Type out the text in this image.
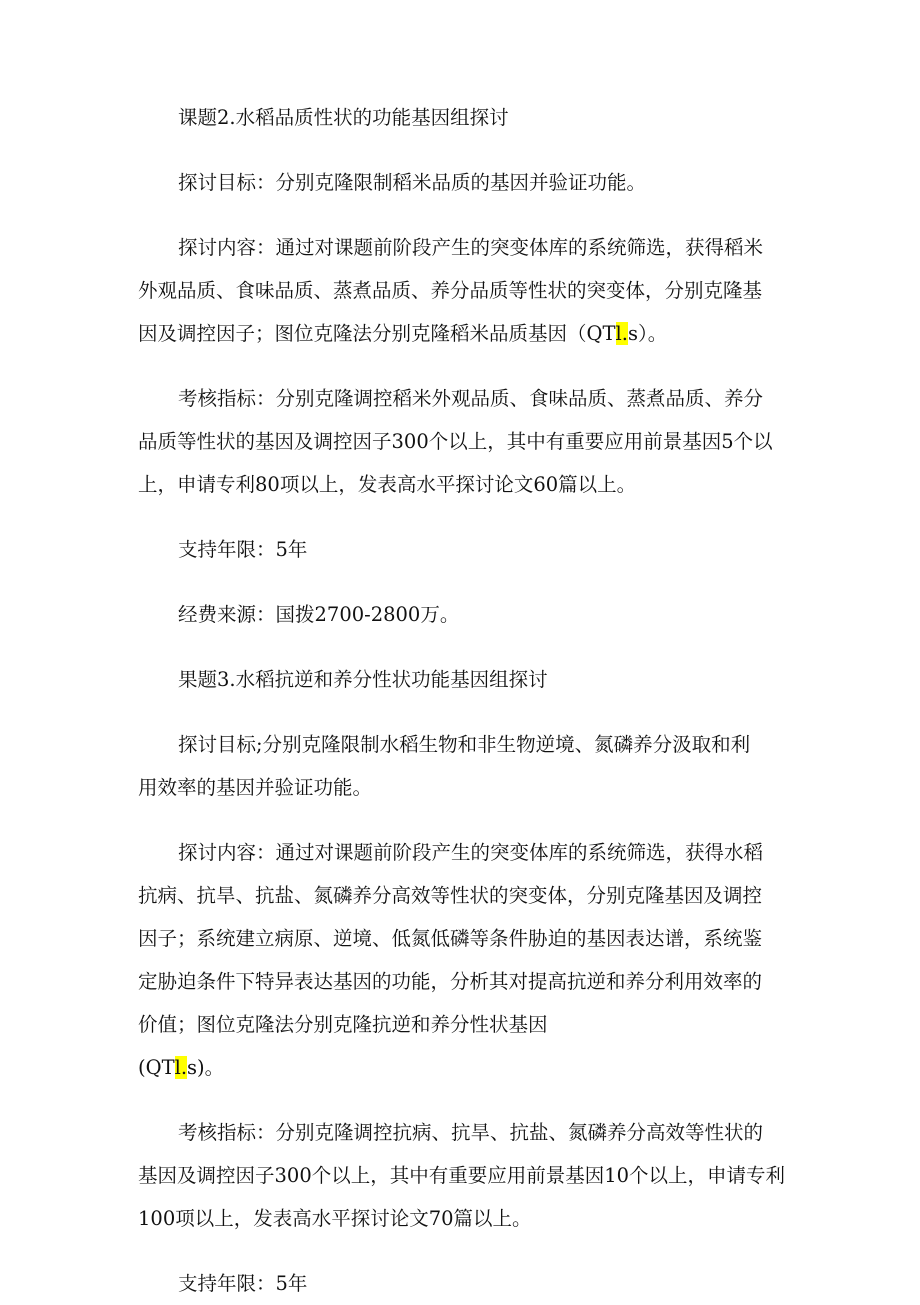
课题2.水稻品质性状的功能基因组探讨

探讨目标：分别克隆限制稻米品质的基因并验证功能。

探讨内容：通过对课题前阶段产生的突变体库的系统筛选，获得稻米

外观品质、食味品质、蒸煮品质、养分品质等性状的突变体，分别克隆基

因及调控因子；图位克隆法分别克隆稻米品质基因（QTl.s）。

考核指标：分别克隆调控稻米外观品质、食味品质、蒸煮品质、养分

品质等性状的基因及调控因子300个以上，其中有重要应用前景基因5个以

上，申请专利80项以上，发表高水平探讨论文60篇以上。

支持年限：5年

经费来源：国拨2700-2800万。

果题3.水稻抗逆和养分性状功能基因组探讨

探讨目标;分别克隆限制水稻生物和非生物逆境、氮磷养分汲取和利

用效率的基因并验证功能。

探讨内容：通过对课题前阶段产生的突变体库的系统筛选，获得水稻

抗病、抗旱、抗盐、氮磷养分高效等性状的突变体，分别克隆基因及调控

因子；系统建立病原、逆境、低氮低磷等条件胁迫的基因表达谱，系统鉴

定胁迫条件下特异表达基因的功能，分析其对提高抗逆和养分利用效率的

价值；图位克隆法分别克隆抗逆和养分性状基因

(QTl.s)。

考核指标：分别克隆调控抗病、抗旱、抗盐、氮磷养分高效等性状的

基因及调控因子300个以上，其中有重要应用前景基因10个以上，申请专利

100项以上，发表高水平探讨论文70篇以上。

支持年限：5年
